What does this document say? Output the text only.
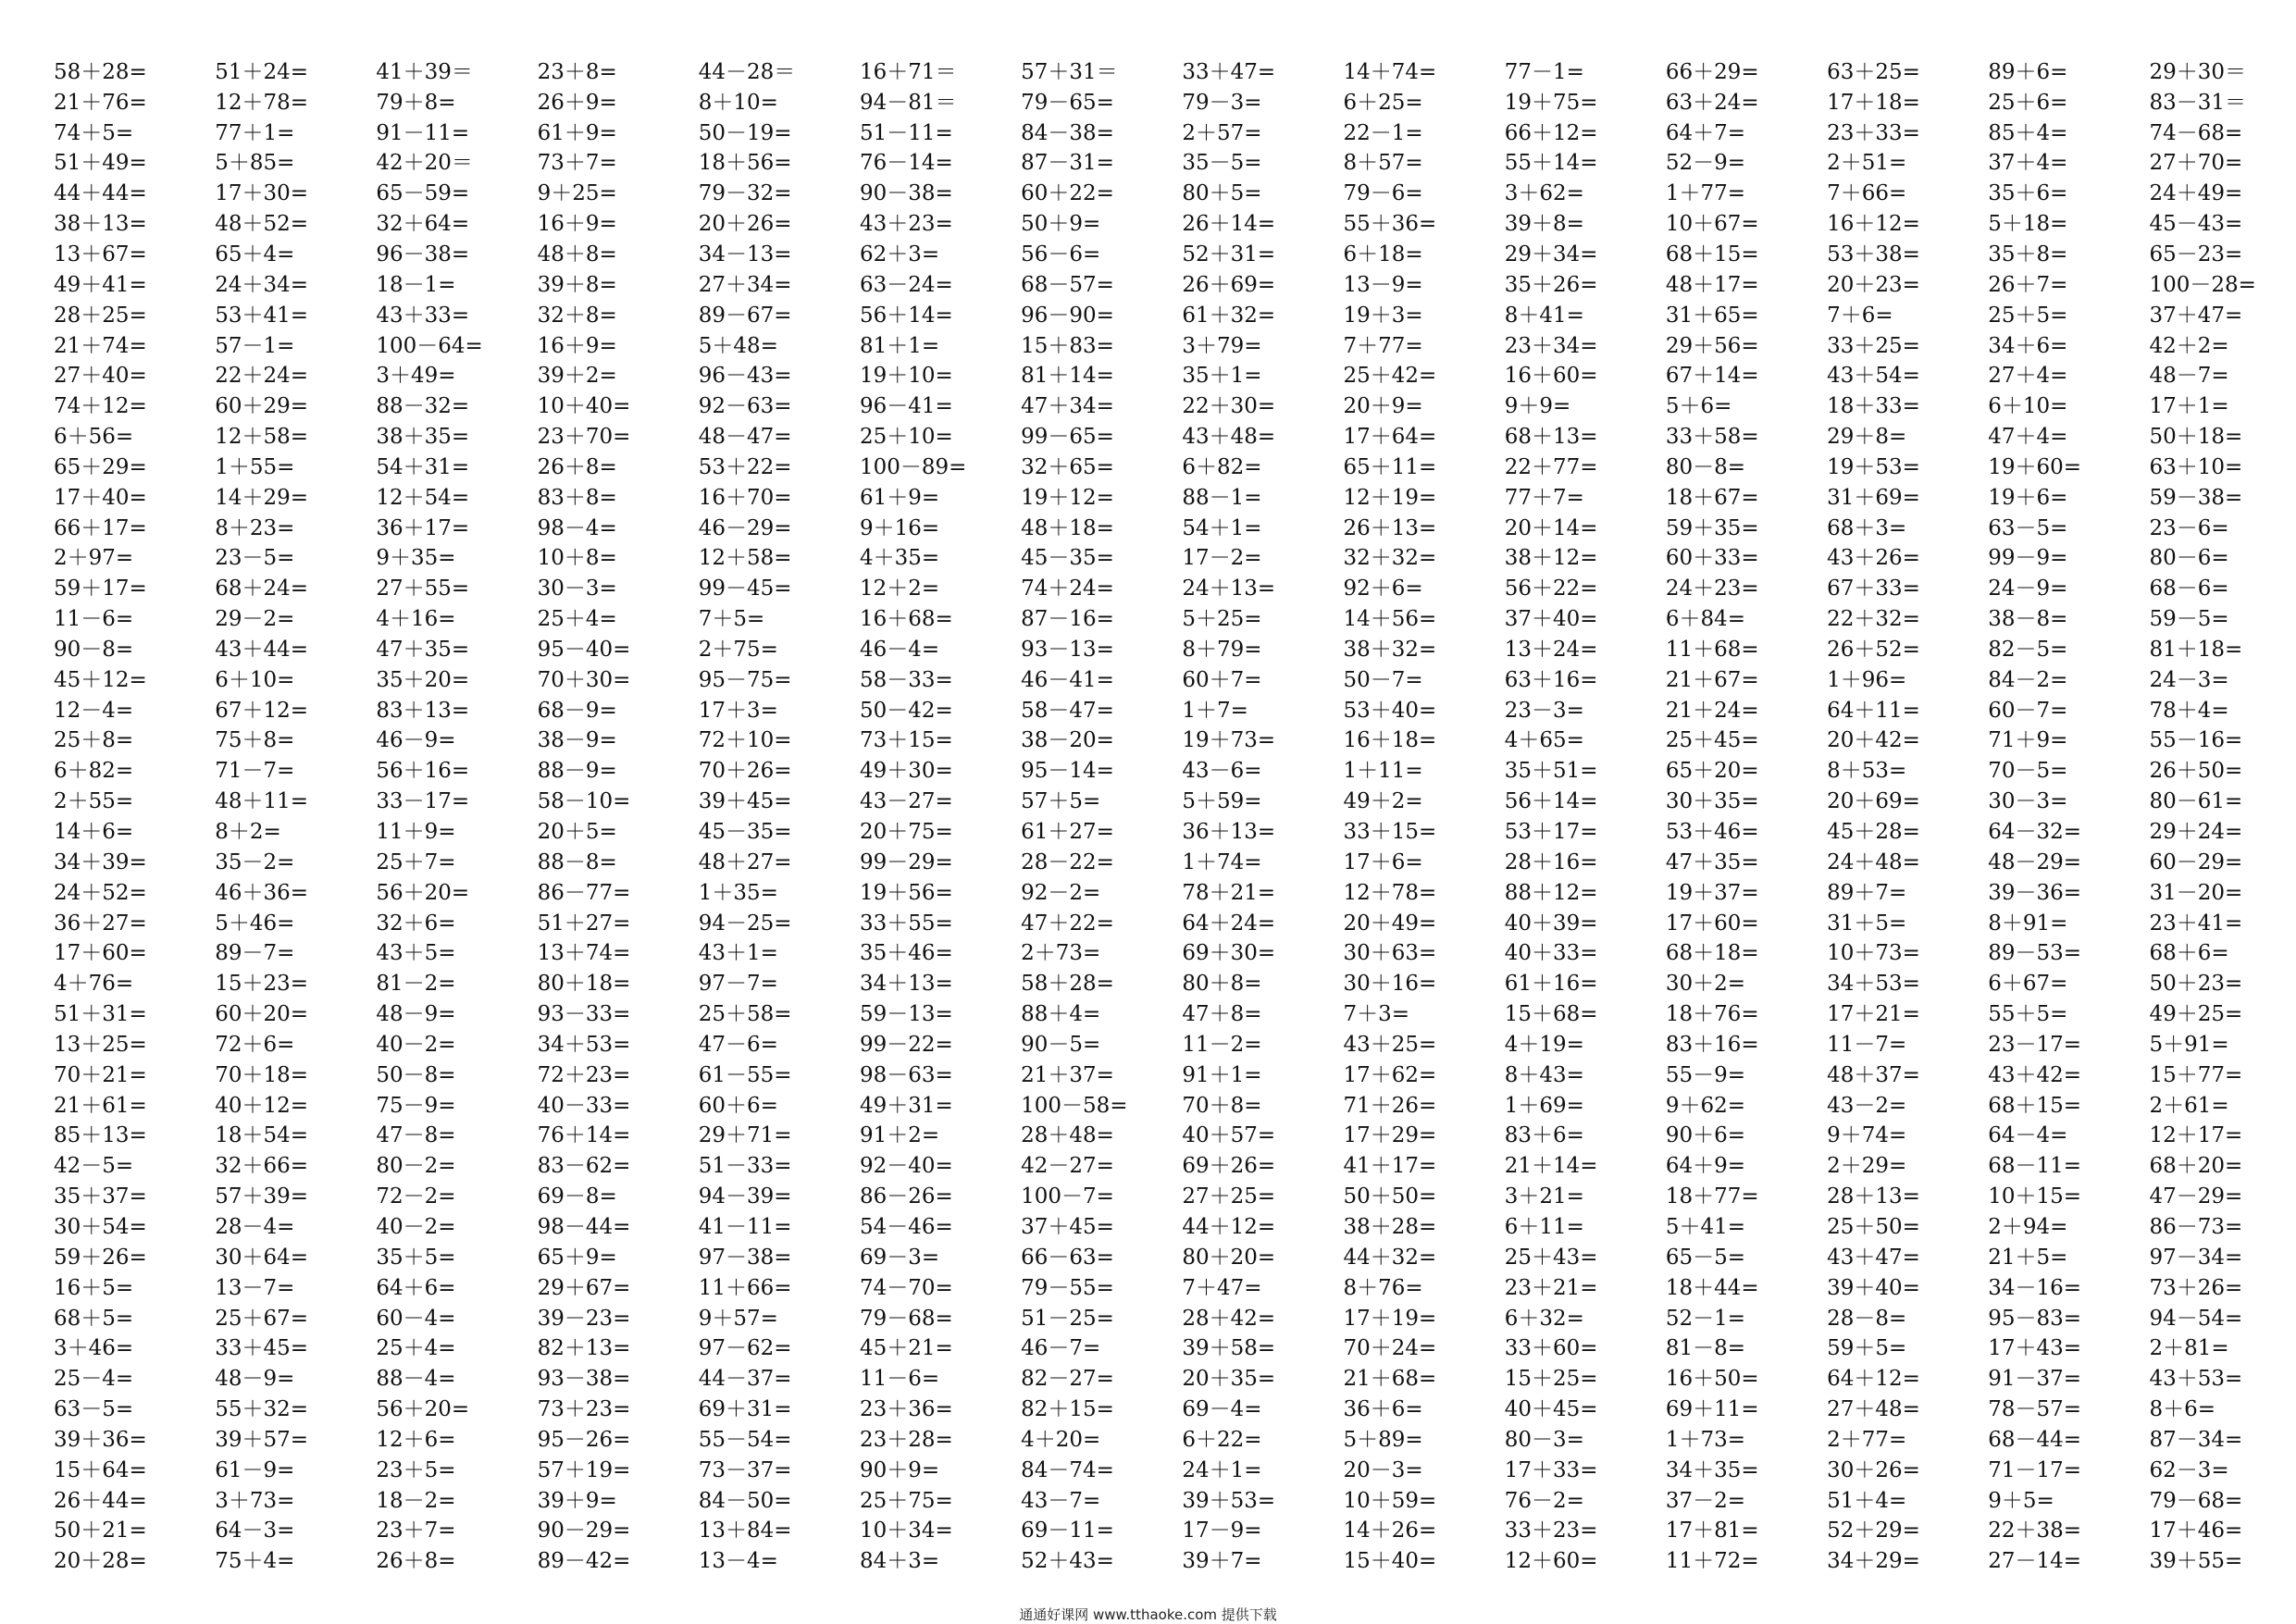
58＋28=	51＋24=	41＋39＝	23＋8=	44－28＝	16＋71＝	57＋31＝	33＋47=	14＋74=	77－1=	66＋29=	63＋25=	89＋6=	29＋30＝
21＋76=	12＋78=	79＋8=	26＋9=	8＋10=	94－81＝	79－65=	79－3=	6＋25=	19＋75=	63＋24=	17＋18=	25＋6=	83－31＝
74＋5=	77＋1=	91－11=	61＋9=	50－19=	51－11=	84－38=	2＋57=	22－1=	66＋12=	64＋7=	23＋33=	85＋4=	74－68=
51＋49=	5＋85=	42＋20＝	73＋7=	18＋56=	76－14=	87－31=	35－5=	8＋57=	55＋14=	52－9=	2＋51=	37＋4=	27＋70=
44＋44=	17＋30=	65－59=	9＋25=	79－32=	90－38=	60＋22=	80＋5=	79－6=	3＋62=	1＋77=	7＋66=	35＋6=	24＋49=
38＋13=	48＋52=	32＋64=	16＋9=	20＋26=	43＋23=	50＋9=	26＋14=	55＋36=	39＋8=	10＋67=	16＋12=	5＋18=	45－43=
13＋67=	65＋4=	96－38=	48＋8=	34－13=	62＋3=	56－6=	52＋31=	6＋18=	29＋34=	68＋15=	53＋38=	35＋8=	65－23=
49＋41=	24＋34=	18－1=	39＋8=	27＋34=	63－24=	68－57=	26＋69=	13－9=	35＋26=	48＋17=	20＋23=	26＋7=	100－28=
28＋25=	53＋41=	43＋33=	32＋8=	89－67=	56＋14=	96－90=	61＋32=	19＋3=	8＋41=	31＋65=	7＋6=	25＋5=	37＋47=
21＋74=	57－1=	100－64=	16＋9=	5＋48=	81＋1=	15＋83=	3＋79=	7＋77=	23＋34=	29＋56=	33＋25=	34＋6=	42＋2=
27＋40=	22＋24=	3＋49=	39＋2=	96－43=	19＋10=	81＋14=	35＋1=	25＋42=	16＋60=	67＋14=	43＋54=	27＋4=	48－7=
74＋12=	60＋29=	88－32=	10＋40=	92－63=	96－41=	47＋34=	22＋30=	20＋9=	9＋9=	5＋6=	18＋33=	6＋10=	17＋1=
6＋56=	12＋58=	38＋35=	23＋70=	48－47=	25＋10=	99－65=	43＋48=	17＋64=	68＋13=	33＋58=	29＋8=	47＋4=	50＋18=
65＋29=	1＋55=	54＋31=	26＋8=	53＋22=	100－89=	32＋65=	6＋82=	65＋11=	22＋77=	80－8=	19＋53=	19＋60=	63＋10=
17＋40=	14＋29=	12＋54=	83＋8=	16＋70=	61＋9=	19＋12=	88－1=	12＋19=	77＋7=	18＋67=	31＋69=	19＋6=	59－38=
66＋17=	8＋23=	36＋17=	98－4=	46－29=	9＋16=	48＋18=	54＋1=	26＋13=	20＋14=	59＋35=	68＋3=	63－5=	23－6=
2＋97=	23－5=	9＋35=	10＋8=	12＋58=	4＋35=	45－35=	17－2=	32＋32=	38＋12=	60＋33=	43＋26=	99－9=	80－6=
59＋17=	68＋24=	27＋55=	30－3=	99－45=	12＋2=	74＋24=	24＋13=	92＋6=	56＋22=	24＋23=	67＋33=	24－9=	68－6=
11－6=	29－2=	4＋16=	25＋4=	7＋5=	16＋68=	87－16=	5＋25=	14＋56=	37＋40=	6＋84=	22＋32=	38－8=	59－5=
90－8=	43＋44=	47＋35=	95－40=	2＋75=	46－4=	93－13=	8＋79=	38＋32=	13＋24=	11＋68=	26＋52=	82－5=	81＋18=
45＋12=	6＋10=	35＋20=	70＋30=	95－75=	58－33=	46－41=	60＋7=	50－7=	63＋16=	21＋67=	1＋96=	84－2=	24－3=
12－4=	67＋12=	83＋13=	68－9=	17＋3=	50－42=	58－47=	1＋7=	53＋40=	23－3=	21＋24=	64＋11=	60－7=	78＋4=
25＋8=	75＋8=	46－9=	38－9=	72＋10=	73＋15=	38－20=	19＋73=	16＋18=	4＋65=	25＋45=	20＋42=	71＋9=	55－16=
6＋82=	71－7=	56＋16=	88－9=	70＋26=	49＋30=	95－14=	43－6=	1＋11=	35＋51=	65＋20=	8＋53=	70－5=	26＋50=
2＋55=	48＋11=	33－17=	58－10=	39＋45=	43－27=	57＋5=	5＋59=	49＋2=	56＋14=	30＋35=	20＋69=	30－3=	80－61=
14＋6=	8＋2=	11＋9=	20＋5=	45－35=	20＋75=	61＋27=	36＋13=	33＋15=	53＋17=	53＋46=	45＋28=	64－32=	29＋24=
34＋39=	35－2=	25＋7=	88－8=	48＋27=	99－29=	28－22=	1＋74=	17＋6=	28＋16=	47＋35=	24＋48=	48－29=	60－29=
24＋52=	46＋36=	56＋20=	86－77=	1＋35=	19＋56=	92－2=	78＋21=	12＋78=	88＋12=	19＋37=	89＋7=	39－36=	31－20=
36＋27=	5＋46=	32＋6=	51＋27=	94－25=	33＋55=	47＋22=	64＋24=	20＋49=	40＋39=	17＋60=	31＋5=	8＋91=	23＋41=
17＋60=	89－7=	43＋5=	13＋74=	43＋1=	35＋46=	2＋73=	69＋30=	30＋63=	40＋33=	68＋18=	10＋73=	89－53=	68＋6=
4＋76=	15＋23=	81－2=	80＋18=	97－7=	34＋13=	58＋28=	80＋8=	30＋16=	61＋16=	30＋2=	34＋53=	6＋67=	50＋23=
51＋31=	60＋20=	48－9=	93－33=	25＋58=	59－13=	88＋4=	47＋8=	7＋3=	15＋68=	18＋76=	17＋21=	55＋5=	49＋25=
13＋25=	72＋6=	40－2=	34＋53=	47－6=	99－22=	90－5=	11－2=	43＋25=	4＋19=	83＋16=	11－7=	23－17=	5＋91=
70＋21=	70＋18=	50－8=	72＋23=	61－55=	98－63=	21＋37=	91＋1=	17＋62=	8＋43=	55－9=	48＋37=	43＋42=	15＋77=
21＋61=	40＋12=	75－9=	40－33=	60＋6=	49＋31=	100－58=	70＋8=	71＋26=	1＋69=	9＋62=	43－2=	68＋15=	2＋61=
85＋13=	18＋54=	47－8=	76＋14=	29＋71=	91＋2=	28＋48=	40＋57=	17＋29=	83＋6=	90＋6=	9＋74=	64－4=	12＋17=
42－5=	32＋66=	80－2=	83－62=	51－33=	92－40=	42－27=	69＋26=	41＋17=	21＋14=	64＋9=	2＋29=	68－11=	68＋20=
35＋37=	57＋39=	72－2=	69－8=	94－39=	86－26=	100－7=	27＋25=	50＋50=	3＋21=	18＋77=	28＋13=	10＋15=	47－29=
30＋54=	28－4=	40－2=	98－44=	41－11=	54－46=	37＋45=	44＋12=	38＋28=	6＋11=	5＋41=	25＋50=	2＋94=	86－73=
59＋26=	30＋64=	35＋5=	65＋9=	97－38=	69－3=	66－63=	80＋20=	44＋32=	25＋43=	65－5=	43＋47=	21＋5=	97－34=
16＋5=	13－7=	64＋6=	29＋67=	11＋66=	74－70=	79－55=	7＋47=	8＋76=	23＋21=	18＋44=	39＋40=	34－16=	73＋26=
68＋5=	25＋67=	60－4=	39－23=	9＋57=	79－68=	51－25=	28＋42=	17＋19=	6＋32=	52－1=	28－8=	95－83=	94－54=
3＋46=	33＋45=	25＋4=	82＋13=	97－62=	45＋21=	46－7=	39＋58=	70＋24=	33＋60=	81－8=	59＋5=	17＋43=	2＋81=
25－4=	48－9=	88－4=	93－38=	44－37=	11－6=	82－27=	20＋35=	21＋68=	15＋25=	16＋50=	64＋12=	91－37=	43＋53=
63－5=	55＋32=	56＋20=	73＋23=	69＋31=	23＋36=	82＋15=	69－4=	36＋6=	40＋45=	69＋11=	27＋48=	78－57=	8＋6=
39＋36=	39＋57=	12＋6=	95－26=	55－54=	23＋28=	4＋20=	6＋22=	5＋89=	80－3=	1＋73=	2＋77=	68－44=	87－34=
15＋64=	61－9=	23＋5=	57＋19=	73－37=	90＋9=	84－74=	24＋1=	20－3=	17＋33=	34＋35=	30＋26=	71－17=	62－3=
26＋44=	3＋73=	18－2=	39＋9=	84－50=	25＋75=	43－7=	39＋53=	10＋59=	76－2=	37－2=	51＋4=	9＋5=	79－68=
50＋21=	64－3=	23＋7=	90－29=	13＋84=	10＋34=	69－11=	17－9=	14＋26=	33＋23=	17＋81=	52＋29=	22＋38=	17＋46=
20＋28=	75＋4=	26＋8=	89－42=	13－4=	84＋3=	52＋43=	39＋7=	15＋40=	12＋60=	11＋72=	34＋29=	27－14=	39＋55=
通通好课网 www.tthaoke.com 提供下载
